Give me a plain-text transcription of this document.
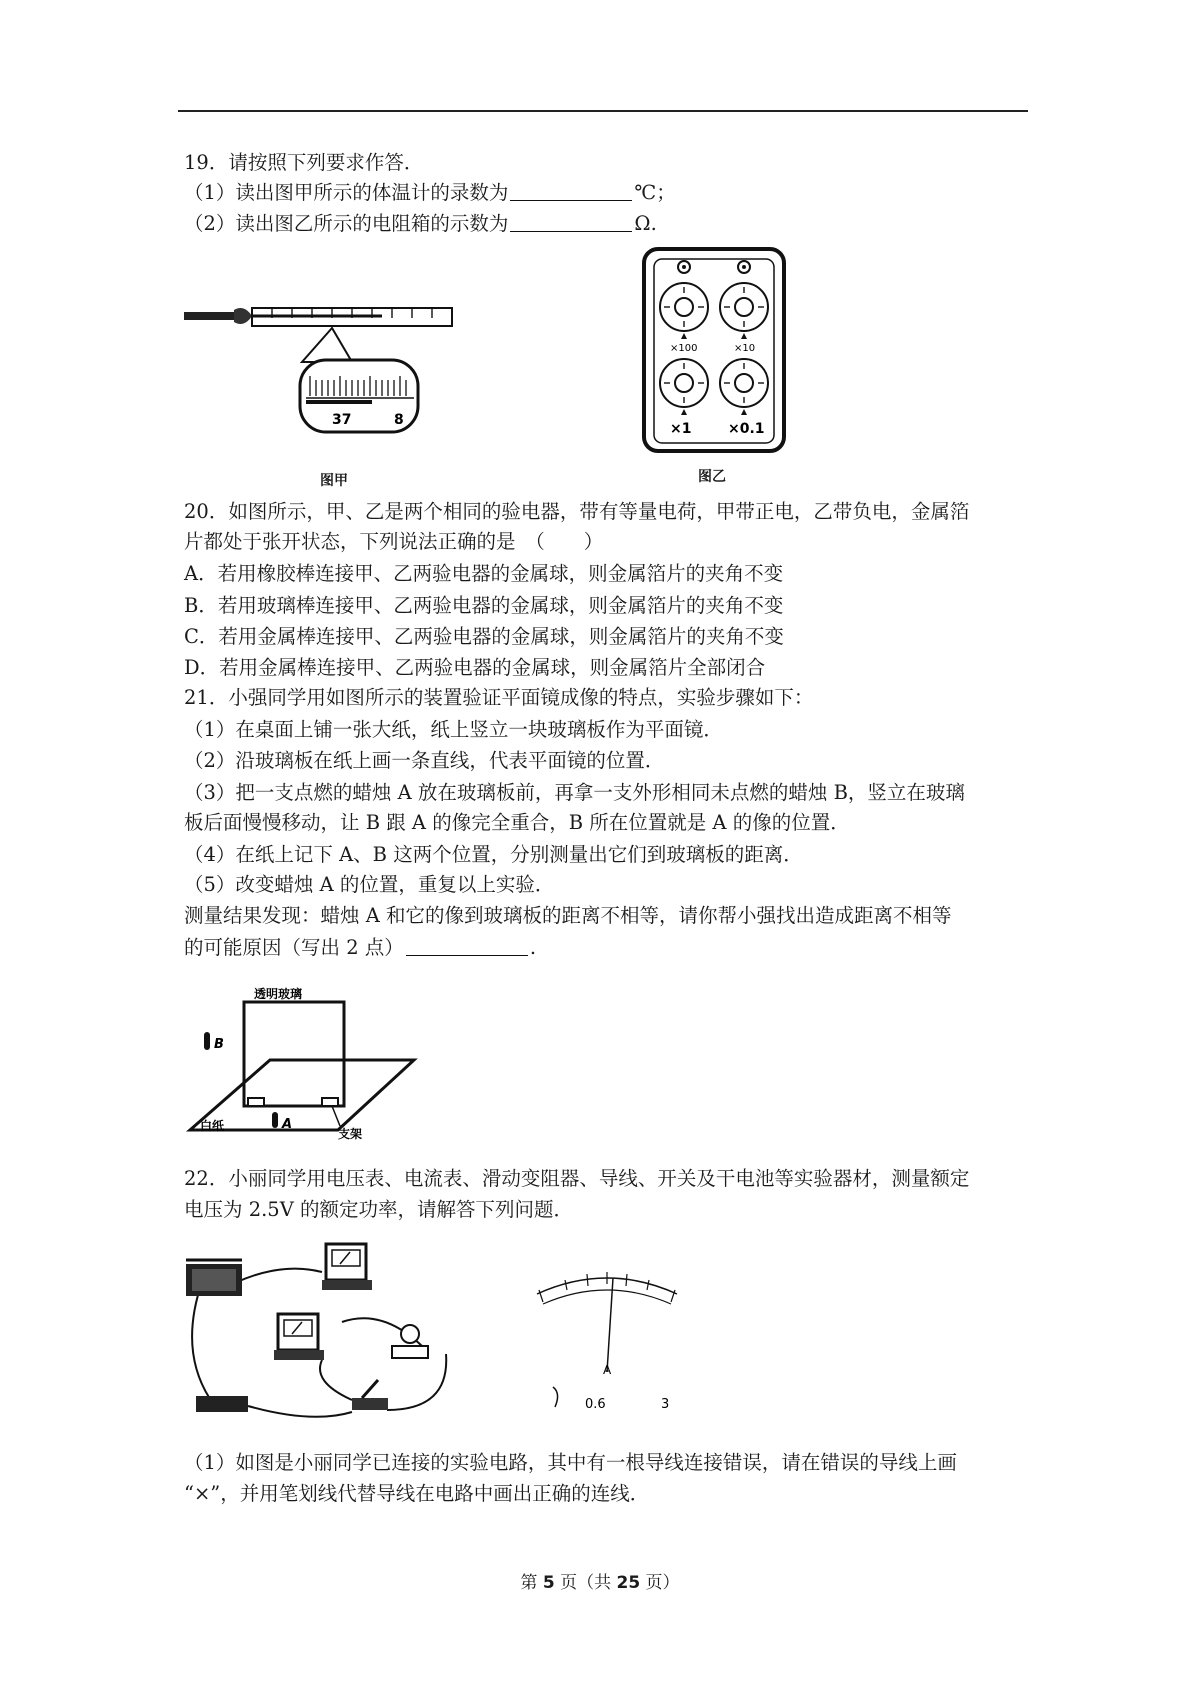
19．请按照下列要求作答．
（1）读出图甲所示的体温计的录数为	℃；
（2）读出图乙所示的电阻箱的示数为	Ω.
37	8
图甲
×100	×10
×1	×0.1
图乙
20．如图所示，甲、乙是两个相同的验电器，带有等量电荷，甲带正电，乙带负电，金属箔
片都处于张开状态，下列说法正确的是　（　　）
A．若用橡胶棒连接甲、乙两验电器的金属球，则金属箔片的夹角不变
B．若用玻璃棒连接甲、乙两验电器的金属球，则金属箔片的夹角不变
C．若用金属棒连接甲、乙两验电器的金属球，则金属箔片的夹角不变
D．若用金属棒连接甲、乙两验电器的金属球，则金属箔片全部闭合
21．小强同学用如图所示的装置验证平面镜成像的特点，实验步骤如下：
（1）在桌面上铺一张大纸，纸上竖立一块玻璃板作为平面镜．
（2）沿玻璃板在纸上画一条直线，代表平面镜的位置．
（3）把一支点燃的蜡烛 A 放在玻璃板前，再拿一支外形相同未点燃的蜡烛 B，竖立在玻璃
板后面慢慢移动，让 B 跟 A 的像完全重合，B 所在位置就是 A 的像的位置．
（4）在纸上记下 A、B 这两个位置，分别测量出它们到玻璃板的距离．
（5）改变蜡烛 A 的位置，重复以上实验．
测量结果发现：蜡烛 A 和它的像到玻璃板的距离不相等，请你帮小强找出造成距离不相等
的可能原因（写出 2 点）	.
透明玻璃
B
白纸	A
支架
22．小丽同学用电压表、电流表、滑动变阻器、导线、开关及干电池等实验器材，测量额定
电压为 2.5V 的额定功率，请解答下列问题．
A
0.6	3
（1）如图是小丽同学已连接的实验电路，其中有一根导线连接错误，请在错误的导线上画
“×”，并用笔划线代替导线在电路中画出正确的连线．
第 5 页（共 25 页）
